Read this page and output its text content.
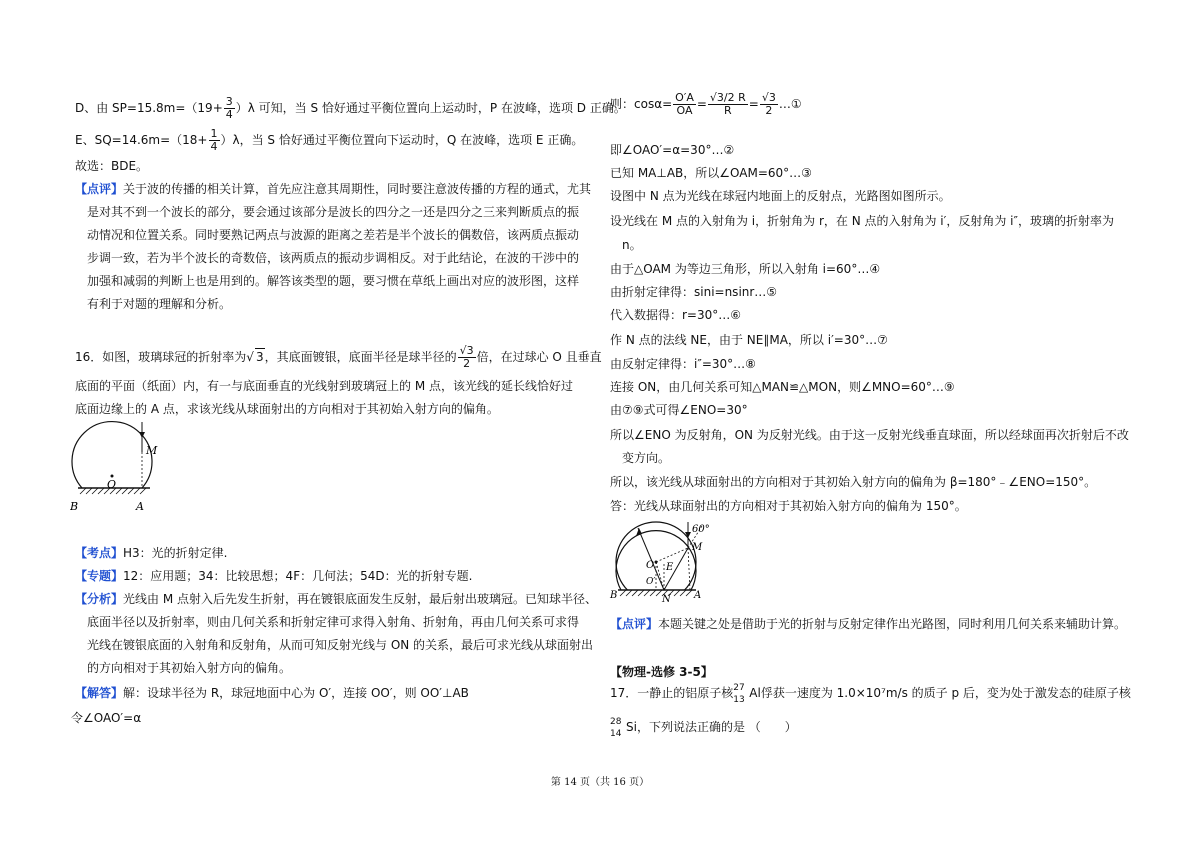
D、由 $SP=15.8m=(19+ \frac{3}{4} )\lambda$ 可知，当 S 恰好通过平衡位置向上运动时，P 在波峰，选项 D 正确。
E、$SQ=14.6m=(18+ \frac{1}{4} )\lambda$，当 S 恰好通过平衡位置向下运动时，Q 在波峰，选项 E 正确。
故选：BDE。
【点评】关于波的传播的相关计算，首先应注意其周期性，同时要注意波传播的方程的通式，尤其
是对其不到一个波长的部分，要会通过该部分是波长的四分之一还是四分之三来判断质点的振
动情况和位置关系。同时要熟记两点与波源的距离之差若是半个波长的偶数倍，该两质点振动
步调一致，若为半个波长的奇数倍，该两质点的振动步调相反。对于此结论，在波的干涉中的
加强和减弱的判断上也是用到的。解答该类型的题，要习惯在草纸上画出对应的波形图，这样
有利于对题的理解和分析。
16．如图，玻璃球冠的折射率为√ 3，其底面镀银，底面半径是球半径的 $\frac{√3}{2}$ 倍，在过球心 O 且垂直
底面的平面（纸面）内，有一与底面垂直的光线射到玻璃冠上的 M 点，该光线的延长线恰好过
底面边缘上的 A 点，求该光线从球面射出的方向相对于其初始入射方向的偏角。
M
O
B	A
【考点】H3：光的折射定律.
【专题】12：应用题；34：比较思想；4F：几何法；54D：光的折射专题.
【分析】光线由 M 点射入后先发生折射，再在镀银底面发生反射，最后射出玻璃冠。已知球半径、
底面半径以及折射率，则由几何关系和折射定律可求得入射角、折射角，再由几何关系可求得
光线在镀银底面的入射角和反射角，从而可知反射光线与 ON 的关系，最后可求光线从球面射出
的方向相对于其初始入射方向的偏角。
【解答】解：设球半径为 R，球冠地面中心为 O′，连接 OO′，则 OO′⊥AB
令∠OAO′=α
则：$\cos\alpha= \frac{O'A}{OA} = \frac{√3/2 R}{R} = \frac{√3}{2}$ …①
即∠OAO′=α=30°…②
已知 MA⊥AB，所以∠OAM=60°…③
设图中 N 点为光线在球冠内地面上的反射点，光路图如图所示。
设光线在 M 点的入射角为 i，折射角为 r，在 N 点的入射角为 i′，反射角为 i″，玻璃的折射率为
n。
由于△OAM 为等边三角形，所以入射角 i=60°…④
由折射定律得：sini=nsinr…⑤
代入数据得：r=30°…⑥
作 N 点的法线 NE，由于 NE∥MA，所以 i′=30°…⑦
由反射定律得：i″=30°…⑧
连接 ON，由几何关系可知△MAN≌△MON，则∠MNO=60°…⑨
由⑦⑨式可得∠ENO=30°
所以∠ENO 为反射角，ON 为反射光线。由于这一反射光线垂直球面，所以经球面再次折射后不改
变方向。
所以，该光线从球面射出的方向相对于其初始入射方向的偏角为 β=180°﹣∠ENO=150°。
答：光线从球面射出的方向相对于其初始入射方向的偏角为 150°。
60°
M
O
O′
E
N
B	A
【点评】本题关键之处是借助于光的折射与反射定律作出光路图，同时利用几何关系来辅助计算。
【物理-选修 3-5】
17．一静止的铝原子核 27
13 Al俘获一速度为 1.0×10⁷m/s 的质子 p 后，变为处于激发态的硅原子核
28
14 Si，下列说法正确的是 （　　）
第 14 页（共 16 页）
